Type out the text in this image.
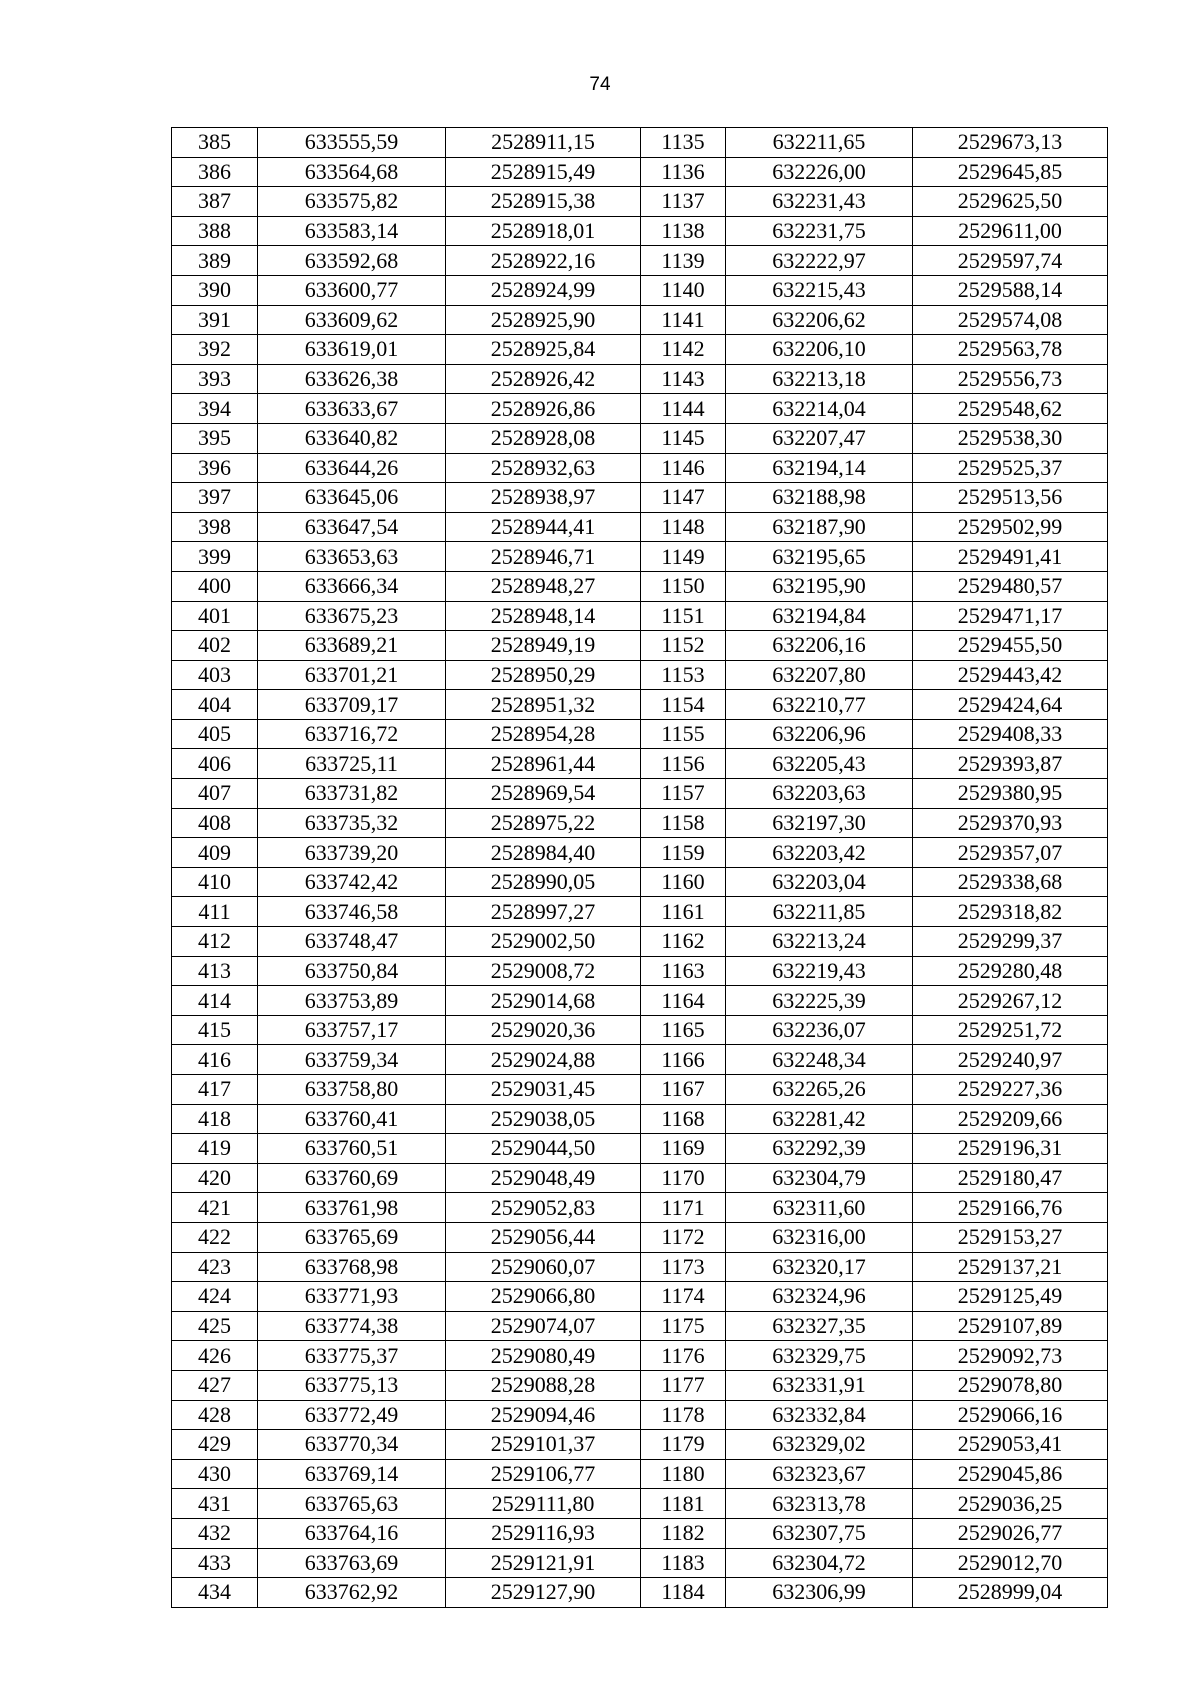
74
385	633555,59	2528911,15	1135	632211,65	2529673,13
386	633564,68	2528915,49	1136	632226,00	2529645,85
387	633575,82	2528915,38	1137	632231,43	2529625,50
388	633583,14	2528918,01	1138	632231,75	2529611,00
389	633592,68	2528922,16	1139	632222,97	2529597,74
390	633600,77	2528924,99	1140	632215,43	2529588,14
391	633609,62	2528925,90	1141	632206,62	2529574,08
392	633619,01	2528925,84	1142	632206,10	2529563,78
393	633626,38	2528926,42	1143	632213,18	2529556,73
394	633633,67	2528926,86	1144	632214,04	2529548,62
395	633640,82	2528928,08	1145	632207,47	2529538,30
396	633644,26	2528932,63	1146	632194,14	2529525,37
397	633645,06	2528938,97	1147	632188,98	2529513,56
398	633647,54	2528944,41	1148	632187,90	2529502,99
399	633653,63	2528946,71	1149	632195,65	2529491,41
400	633666,34	2528948,27	1150	632195,90	2529480,57
401	633675,23	2528948,14	1151	632194,84	2529471,17
402	633689,21	2528949,19	1152	632206,16	2529455,50
403	633701,21	2528950,29	1153	632207,80	2529443,42
404	633709,17	2528951,32	1154	632210,77	2529424,64
405	633716,72	2528954,28	1155	632206,96	2529408,33
406	633725,11	2528961,44	1156	632205,43	2529393,87
407	633731,82	2528969,54	1157	632203,63	2529380,95
408	633735,32	2528975,22	1158	632197,30	2529370,93
409	633739,20	2528984,40	1159	632203,42	2529357,07
410	633742,42	2528990,05	1160	632203,04	2529338,68
411	633746,58	2528997,27	1161	632211,85	2529318,82
412	633748,47	2529002,50	1162	632213,24	2529299,37
413	633750,84	2529008,72	1163	632219,43	2529280,48
414	633753,89	2529014,68	1164	632225,39	2529267,12
415	633757,17	2529020,36	1165	632236,07	2529251,72
416	633759,34	2529024,88	1166	632248,34	2529240,97
417	633758,80	2529031,45	1167	632265,26	2529227,36
418	633760,41	2529038,05	1168	632281,42	2529209,66
419	633760,51	2529044,50	1169	632292,39	2529196,31
420	633760,69	2529048,49	1170	632304,79	2529180,47
421	633761,98	2529052,83	1171	632311,60	2529166,76
422	633765,69	2529056,44	1172	632316,00	2529153,27
423	633768,98	2529060,07	1173	632320,17	2529137,21
424	633771,93	2529066,80	1174	632324,96	2529125,49
425	633774,38	2529074,07	1175	632327,35	2529107,89
426	633775,37	2529080,49	1176	632329,75	2529092,73
427	633775,13	2529088,28	1177	632331,91	2529078,80
428	633772,49	2529094,46	1178	632332,84	2529066,16
429	633770,34	2529101,37	1179	632329,02	2529053,41
430	633769,14	2529106,77	1180	632323,67	2529045,86
431	633765,63	2529111,80	1181	632313,78	2529036,25
432	633764,16	2529116,93	1182	632307,75	2529026,77
433	633763,69	2529121,91	1183	632304,72	2529012,70
434	633762,92	2529127,90	1184	632306,99	2528999,04
